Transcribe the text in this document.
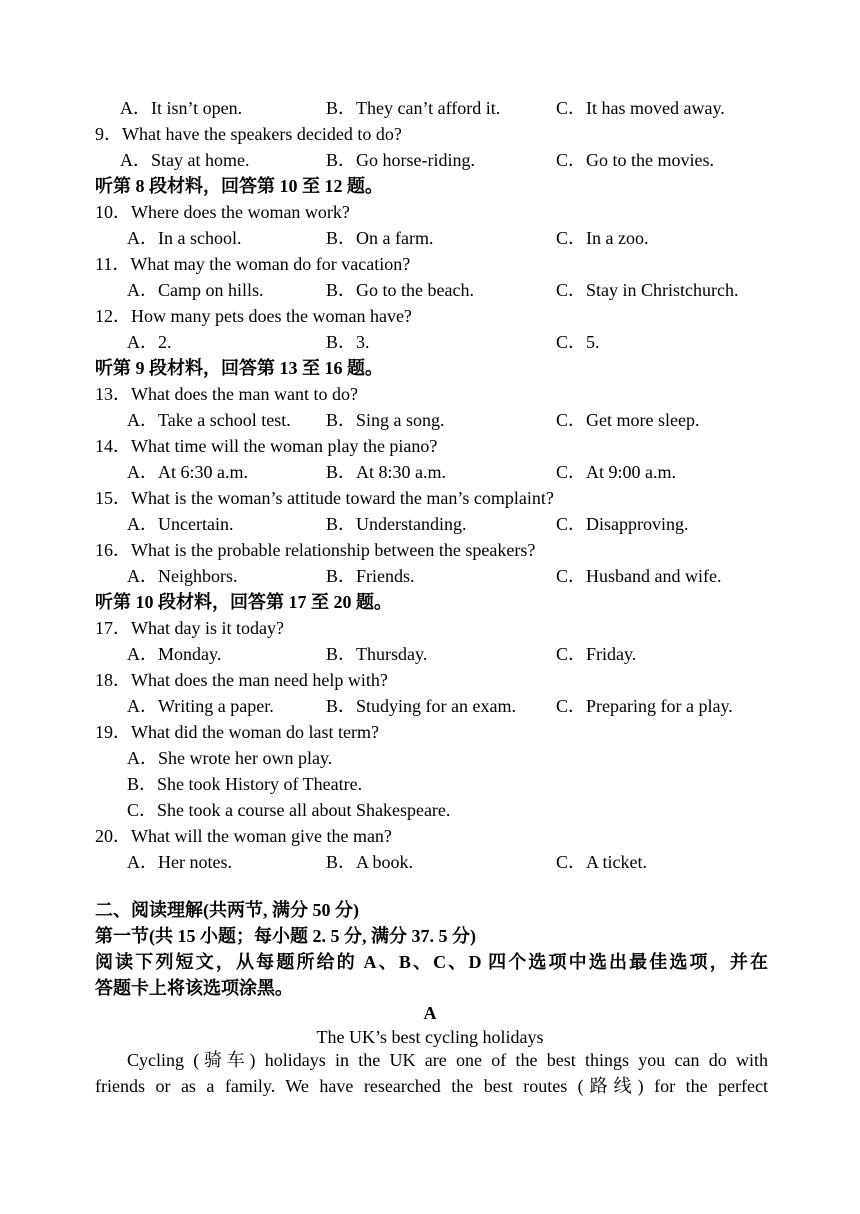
A．It isn’t open.	B．They can’t afford it.	C．It has moved away.
9．What have the speakers decided to do?
A．Stay at home.	B．Go horse-riding.	C．Go to the movies.
听第 8 段材料，回答第 10 至 12 题。
10．Where does the woman work?
A．In a school.	B．On a farm.	C．In a zoo.
11．What may the woman do for vacation?
A．Camp on hills.	B．Go to the beach.	C．Stay in Christchurch.
12．How many pets does the woman have?
A．2.	B．3.	C．5.
听第 9 段材料，回答第 13 至 16 题。
13．What does the man want to do?
A．Take a school test. B．Sing a song.	C．Get more sleep.
14．What time will the woman play the piano?
A．At 6:30 a.m.	B．At 8:30 a.m.	C．At 9:00 a.m.
15．What is the woman’s attitude toward the man’s complaint?
A．Uncertain.	B．Understanding.	C．Disapproving.
16．What is the probable relationship between the speakers?
A．Neighbors.	B．Friends.	C．Husband and wife.
听第 10 段材料，回答第 17 至 20 题。
17．What day is it today?
A．Monday.	B．Thursday.	C．Friday.
18．What does the man need help with?
A．Writing a paper.	B．Studying for an exam. C．Preparing for a play.
19．What did the woman do last term?
A．She wrote her own play.
B．She took History of Theatre.
C．She took a course all about Shakespeare.
20．What will the woman give the man?
A．Her notes.	B．A book.	C．A ticket.
二、阅读理解(共两节, 满分 50 分)
第一节(共 15 小题；每小题 2. 5 分, 满分 37. 5 分)
阅读下列短文，从每题所给的 A、B、C、D 四个选项中选出最佳选项，并在
答题卡上将该选项涂黑。
A
The UK’s best cycling holidays
Cycling (骑车) holidays in the UK are one of the best things you can do with
friends or as a family. We have researched the best routes (路线) for the perfect
